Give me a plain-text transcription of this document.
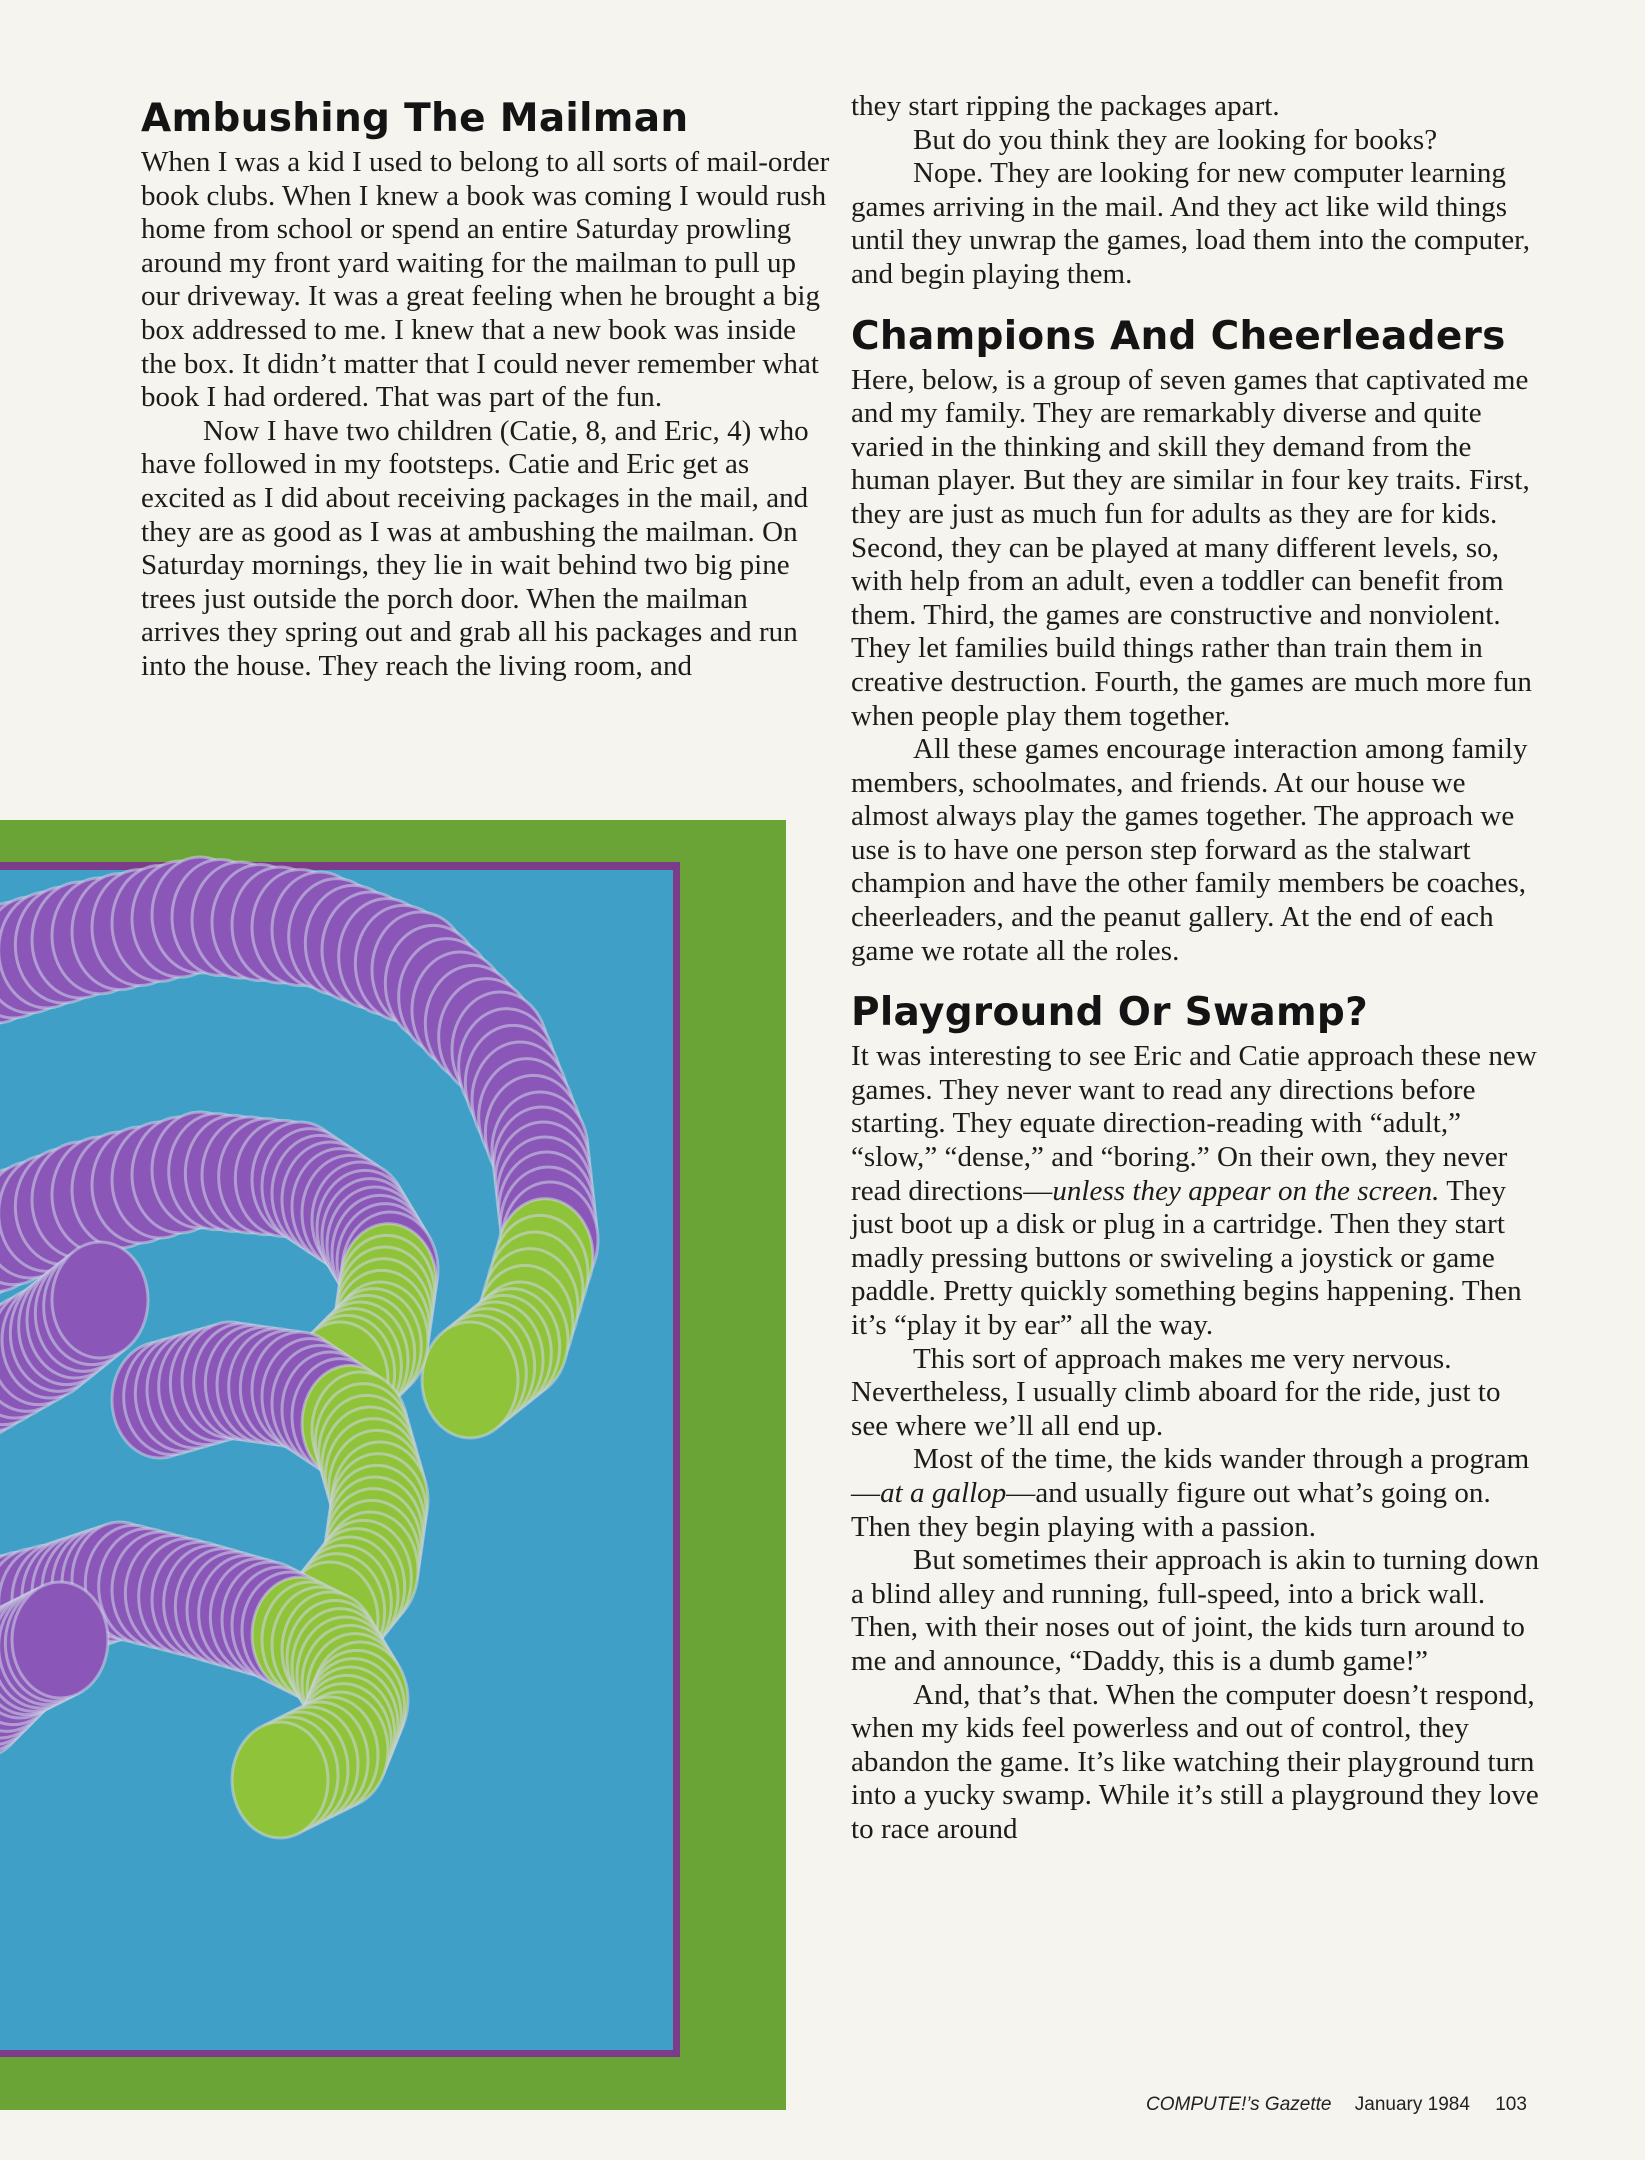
Ambushing The Mailman

When I was a kid I used to belong to all sorts of mail-order book clubs. When I knew a book was coming I would rush home from school or spend an entire Saturday prowling around my front yard waiting for the mailman to pull up our driveway. It was a great feeling when he brought a big box addressed to me. I knew that a new book was inside the box. It didn’t matter that I could never remember what book I had ordered. That was part of the fun.

Now I have two children (Catie, 8, and Eric, 4) who have followed in my footsteps. Catie and Eric get as excited as I did about receiving packages in the mail, and they are as good as I was at ambushing the mailman. On Saturday mornings, they lie in wait behind two big pine trees just outside the porch door. When the mailman arrives they spring out and grab all his packages and run into the house. They reach the living room, and

they start ripping the packages apart.

But do you think they are looking for books?

Nope. They are looking for new computer learning games arriving in the mail. And they act like wild things until they unwrap the games, load them into the computer, and begin playing them.

Champions And Cheerleaders

Here, below, is a group of seven games that captivated me and my family. They are remarkably diverse and quite varied in the thinking and skill they demand from the human player. But they are similar in four key traits. First, they are just as much fun for adults as they are for kids. Second, they can be played at many different levels, so, with help from an adult, even a toddler can benefit from them. Third, the games are constructive and nonviolent. They let families build things rather than train them in creative destruction. Fourth, the games are much more fun when people play them together.

All these games encourage interaction among family members, schoolmates, and friends. At our house we almost always play the games together. The approach we use is to have one person step forward as the stalwart champion and have the other family members be coaches, cheerleaders, and the peanut gallery. At the end of each game we rotate all the roles.

Playground Or Swamp?

It was interesting to see Eric and Catie approach these new games. They never want to read any directions before starting. They equate direction-reading with “adult,” “slow,” “dense,” and “boring.” On their own, they never read directions—unless they appear on the screen. They just boot up a disk or plug in a cartridge. Then they start madly pressing buttons or swiveling a joystick or game paddle. Pretty quickly something begins happening. Then it’s “play it by ear” all the way.

This sort of approach makes me very nervous. Nevertheless, I usually climb aboard for the ride, just to see where we’ll all end up.

Most of the time, the kids wander through a program—at a gallop—and usually figure out what’s going on. Then they begin playing with a passion.

But sometimes their approach is akin to turning down a blind alley and running, full-speed, into a brick wall. Then, with their noses out of joint, the kids turn around to me and announce, “Daddy, this is a dumb game!”

And, that’s that. When the computer doesn’t respond, when my kids feel powerless and out of control, they abandon the game. It’s like watching their playground turn into a yucky swamp. While it’s still a playground they love to race around

COMPUTE!’s Gazette January 1984 103
